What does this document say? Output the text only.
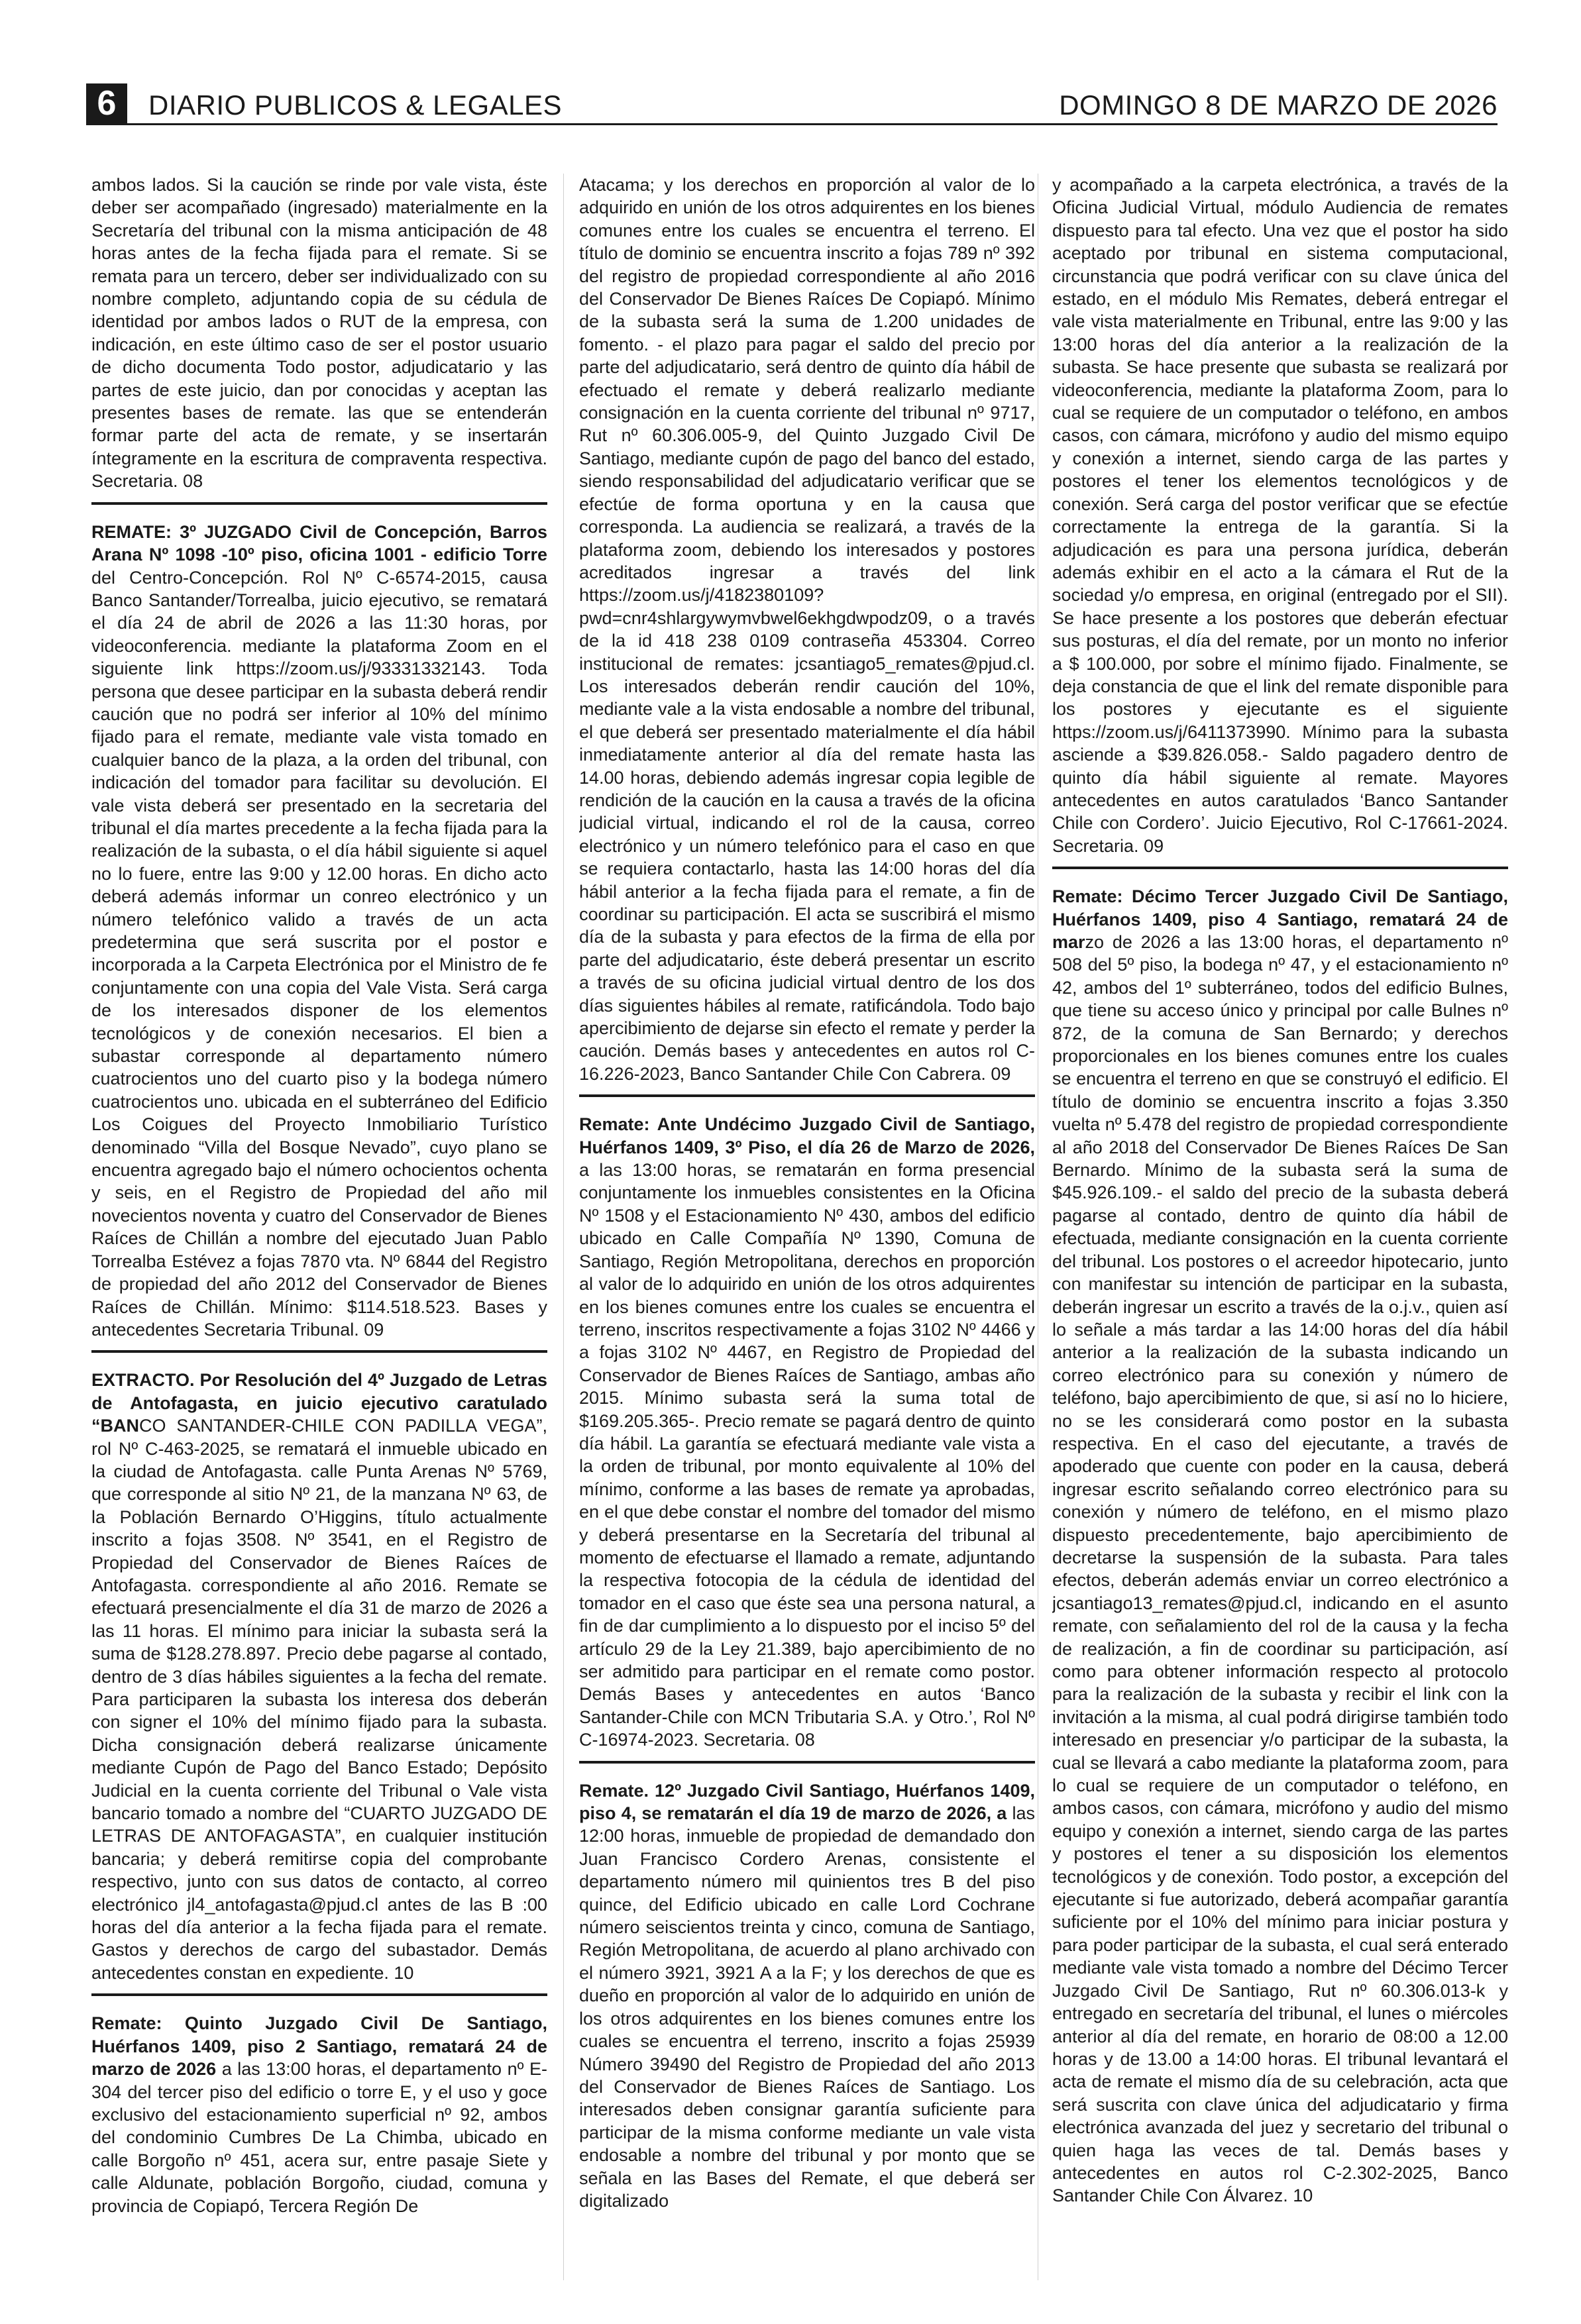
6	DIARIO PUBLICOS & LEGALES	DOMINGO 8 DE MARZO DE 2026

ambos lados. Si la caución se rinde por vale vista, éste deber ser acompañado (ingresado) materialmente en la Secretaría del tribunal con la misma anticipación de 48 horas antes de la fecha fijada para el remate. Si se remata para un tercero, deber ser individualizado con su nombre completo, adjuntando copia de su cédula de identidad por ambos lados o RUT de la empresa, con indicación, en este último caso de ser el postor usuario de dicho documenta Todo postor, adjudicatario y las partes de este juicio, dan por conocidas y aceptan las presentes bases de remate. las que se entenderán formar parte del acta de remate, y se insertarán íntegramente en la escritura de compraventa respectiva. Secretaria. 08

REMATE: 3º JUZGADO Civil de Concepción, Barros Arana Nº 1098 -10º piso, oficina 1001 - edificio Torre del Centro-Concepción. Rol Nº C-6574-2015, causa Banco Santander/Torrealba, juicio ejecutivo, se rematará el día 24 de abril de 2026 a las 11:30 horas, por videoconferencia. mediante la plataforma Zoom en el siguiente link https://zoom.us/j/93331332143. Toda persona que desee participar en la subasta deberá rendir caución que no podrá ser inferior al 10% del mínimo fijado para el remate, mediante vale vista tomado en cualquier banco de la plaza, a la orden del tribunal, con indicación del tomador para facilitar su devolución. El vale vista deberá ser presentado en la secretaria del tribunal el día martes precedente a la fecha fijada para la realización de la subasta, o el día hábil siguiente si aquel no lo fuere, entre las 9:00 y 12.00 horas. En dicho acto deberá además informar un conreo electrónico y un número telefónico valido a través de un acta predetermina que será suscrita por el postor e incorporada a la Carpeta Electrónica por el Ministro de fe conjuntamente con una copia del Vale Vista. Será carga de los interesados disponer de los elementos tecnológicos y de conexión necesarios. El bien a subastar corresponde al departamento número cuatrocientos uno del cuarto piso y la bodega número cuatrocientos uno. ubicada en el subterráneo del Edificio Los Coigues del Proyecto Inmobiliario Turístico denominado “Villa del Bosque Nevado”, cuyo plano se encuentra agregado bajo el número ochocientos ochenta y seis, en el Registro de Propiedad del año mil novecientos noventa y cuatro del Conservador de Bienes Raíces de Chillán a nombre del ejecutado Juan Pablo Torrealba Estévez a fojas 7870 vta. Nº 6844 del Registro de propiedad del año 2012 del Conservador de Bienes Raíces de Chillán. Mínimo: $114.518.523. Bases y antecedentes Secretaria Tribunal. 09

EXTRACTO. Por Resolución del 4º Juzgado de Letras de Antofagasta, en juicio ejecutivo caratulado “BANCO SANTANDER-CHILE CON PADILLA VEGA”, rol Nº C-463-2025, se rematará el inmueble ubicado en la ciudad de Antofagasta. calle Punta Arenas Nº 5769, que corresponde al sitio Nº 21, de la manzana Nº 63, de la Población Bernardo O’Higgins, título actualmente inscrito a fojas 3508. Nº 3541, en el Registro de Propiedad del Conservador de Bienes Raíces de Antofagasta. correspondiente al año 2016. Remate se efectuará presencialmente el día 31 de marzo de 2026 a las 11 horas. El mínimo para iniciar la subasta será la suma de $128.278.897. Precio debe pagarse al contado, dentro de 3 días hábiles siguientes a la fecha del remate. Para participaren la subasta los interesa dos deberán con signer el 10% del mínimo fijado para la subasta. Dicha consignación deberá realizarse únicamente mediante Cupón de Pago del Banco Estado; Depósito Judicial en la cuenta corriente del Tribunal o Vale vista bancario tomado a nombre del “CUARTO JUZGADO DE LETRAS DE ANTOFAGASTA”, en cualquier institución bancaria; y deberá remitirse copia del comprobante respectivo, junto con sus datos de contacto, al correo electrónico jl4_antofagasta@pjud.cl antes de las B :00 horas del día anterior a la fecha fijada para el remate. Gastos y derechos de cargo del subastador. Demás antecedentes constan en expediente. 10

Remate: Quinto Juzgado Civil De Santiago, Huérfanos 1409, piso 2 Santiago, rematará 24 de marzo de 2026 a las 13:00 horas, el departamento nº E-304 del tercer piso del edificio o torre E, y el uso y goce exclusivo del estacionamiento superficial nº 92, ambos del condominio Cumbres De La Chimba, ubicado en calle Borgoño nº 451, acera sur, entre pasaje Siete y calle Aldunate, población Borgoño, ciudad, comuna y provincia de Copiapó, Tercera Región De

Atacama; y los derechos en proporción al valor de lo adquirido en unión de los otros adquirentes en los bienes comunes entre los cuales se encuentra el terreno. El título de dominio se encuentra inscrito a fojas 789 nº 392 del registro de propiedad correspondiente al año 2016 del Conservador De Bienes Raíces De Copiapó. Mínimo de la subasta será la suma de 1.200 unidades de fomento. - el plazo para pagar el saldo del precio por parte del adjudicatario, será dentro de quinto día hábil de efectuado el remate y deberá realizarlo mediante consignación en la cuenta corriente del tribunal nº 9717, Rut nº 60.306.005-9, del Quinto Juzgado Civil De Santiago, mediante cupón de pago del banco del estado, siendo responsabilidad del adjudicatario verificar que se efectúe de forma oportuna y en la causa que corresponda. La audiencia se realizará, a través de la plataforma zoom, debiendo los interesados y postores acreditados ingresar a través del link https://zoom.us/j/4182380109?pwd=cnr4shlargywymvbwel6ekhgdwpodz09, o a través de la id 418 238 0109 contraseña 453304. Correo institucional de remates: jcsantiago5_remates@pjud.cl. Los interesados deberán rendir caución del 10%, mediante vale a la vista endosable a nombre del tribunal, el que deberá ser presentado materialmente el día hábil inmediatamente anterior al día del remate hasta las 14.00 horas, debiendo además ingresar copia legible de rendición de la caución en la causa a través de la oficina judicial virtual, indicando el rol de la causa, correo electrónico y un número telefónico para el caso en que se requiera contactarlo, hasta las 14:00 horas del día hábil anterior a la fecha fijada para el remate, a fin de coordinar su participación. El acta se suscribirá el mismo día de la subasta y para efectos de la firma de ella por parte del adjudicatario, éste deberá presentar un escrito a través de su oficina judicial virtual dentro de los dos días siguientes hábiles al remate, ratificándola. Todo bajo apercibimiento de dejarse sin efecto el remate y perder la caución. Demás bases y antecedentes en autos rol C-16.226-2023, Banco Santander Chile Con Cabrera. 09

Remate: Ante Undécimo Juzgado Civil de Santiago, Huérfanos 1409, 3º Piso, el día 26 de Marzo de 2026, a las 13:00 horas, se rematarán en forma presencial conjuntamente los inmuebles consistentes en la Oficina Nº 1508 y el Estacionamiento Nº 430, ambos del edificio ubicado en Calle Compañía Nº 1390, Comuna de Santiago, Región Metropolitana, derechos en proporción al valor de lo adquirido en unión de los otros adquirentes en los bienes comunes entre los cuales se encuentra el terreno, inscritos respectivamente a fojas 3102 Nº 4466 y a fojas 3102 Nº 4467, en Registro de Propiedad del Conservador de Bienes Raíces de Santiago, ambas año 2015. Mínimo subasta será la suma total de $169.205.365-. Precio remate se pagará dentro de quinto día hábil. La garantía se efectuará mediante vale vista a la orden de tribunal, por monto equivalente al 10% del mínimo, conforme a las bases de remate ya aprobadas, en el que debe constar el nombre del tomador del mismo y deberá presentarse en la Secretaría del tribunal al momento de efectuarse el llamado a remate, adjuntando la respectiva fotocopia de la cédula de identidad del tomador en el caso que éste sea una persona natural, a fin de dar cumplimiento a lo dispuesto por el inciso 5º del artículo 29 de la Ley 21.389, bajo apercibimiento de no ser admitido para participar en el remate como postor. Demás Bases y antecedentes en autos ‘Banco Santander-Chile con MCN Tributaria S.A. y Otro.’, Rol Nº C-16974-2023. Secretaria. 08

Remate. 12º Juzgado Civil Santiago, Huérfanos 1409, piso 4, se rematarán el día 19 de marzo de 2026, a las 12:00 horas, inmueble de propiedad de demandado don Juan Francisco Cordero Arenas, consistente el departamento número mil quinientos tres B del piso quince, del Edificio ubicado en calle Lord Cochrane número seiscientos treinta y cinco, comuna de Santiago, Región Metropolitana, de acuerdo al plano archivado con el número 3921, 3921 A a la F; y los derechos de que es dueño en proporción al valor de lo adquirido en unión de los otros adquirentes en los bienes comunes entre los cuales se encuentra el terreno, inscrito a fojas 25939 Número 39490 del Registro de Propiedad del año 2013 del Conservador de Bienes Raíces de Santiago. Los interesados deben consignar garantía suficiente para participar de la misma conforme mediante un vale vista endosable a nombre del tribunal y por monto que se señala en las Bases del Remate, el que deberá ser digitalizado

y acompañado a la carpeta electrónica, a través de la Oficina Judicial Virtual, módulo Audiencia de remates dispuesto para tal efecto. Una vez que el postor ha sido aceptado por tribunal en sistema computacional, circunstancia que podrá verificar con su clave única del estado, en el módulo Mis Remates, deberá entregar el vale vista materialmente en Tribunal, entre las 9:00 y las 13:00 horas del día anterior a la realización de la subasta. Se hace presente que subasta se realizará por videoconferencia, mediante la plataforma Zoom, para lo cual se requiere de un computador o teléfono, en ambos casos, con cámara, micrófono y audio del mismo equipo y conexión a internet, siendo carga de las partes y postores el tener los elementos tecnológicos y de conexión. Será carga del postor verificar que se efectúe correctamente la entrega de la garantía. Si la adjudicación es para una persona jurídica, deberán además exhibir en el acto a la cámara el Rut de la sociedad y/o empresa, en original (entregado por el SII). Se hace presente a los postores que deberán efectuar sus posturas, el día del remate, por un monto no inferior a $ 100.000, por sobre el mínimo fijado. Finalmente, se deja constancia de que el link del remate disponible para los postores y ejecutante es el siguiente https://zoom.us/j/6411373990. Mínimo para la subasta asciende a $39.826.058.- Saldo pagadero dentro de quinto día hábil siguiente al remate. Mayores antecedentes en autos caratulados ‘Banco Santander Chile con Cordero’. Juicio Ejecutivo, Rol C-17661-2024. Secretaria. 09

Remate: Décimo Tercer Juzgado Civil De Santiago, Huérfanos 1409, piso 4 Santiago, rematará 24 de marzo de 2026 a las 13:00 horas, el departamento nº 508 del 5º piso, la bodega nº 47, y el estacionamiento nº 42, ambos del 1º subterráneo, todos del edificio Bulnes, que tiene su acceso único y principal por calle Bulnes nº 872, de la comuna de San Bernardo; y derechos proporcionales en los bienes comunes entre los cuales se encuentra el terreno en que se construyó el edificio. El título de dominio se encuentra inscrito a fojas 3.350 vuelta nº 5.478 del registro de propiedad correspondiente al año 2018 del Conservador De Bienes Raíces De San Bernardo. Mínimo de la subasta será la suma de $45.926.109.- el saldo del precio de la subasta deberá pagarse al contado, dentro de quinto día hábil de efectuada, mediante consignación en la cuenta corriente del tribunal. Los postores o el acreedor hipotecario, junto con manifestar su intención de participar en la subasta, deberán ingresar un escrito a través de la o.j.v., quien así lo señale a más tardar a las 14:00 horas del día hábil anterior a la realización de la subasta indicando un correo electrónico para su conexión y número de teléfono, bajo apercibimiento de que, si así no lo hiciere, no se les considerará como postor en la subasta respectiva. En el caso del ejecutante, a través de apoderado que cuente con poder en la causa, deberá ingresar escrito señalando correo electrónico para su conexión y número de teléfono, en el mismo plazo dispuesto precedentemente, bajo apercibimiento de decretarse la suspensión de la subasta. Para tales efectos, deberán además enviar un correo electrónico a jcsantiago13_remates@pjud.cl, indicando en el asunto remate, con señalamiento del rol de la causa y la fecha de realización, a fin de coordinar su participación, así como para obtener información respecto al protocolo para la realización de la subasta y recibir el link con la invitación a la misma, al cual podrá dirigirse también todo interesado en presenciar y/o participar de la subasta, la cual se llevará a cabo mediante la plataforma zoom, para lo cual se requiere de un computador o teléfono, en ambos casos, con cámara, micrófono y audio del mismo equipo y conexión a internet, siendo carga de las partes y postores el tener a su disposición los elementos tecnológicos y de conexión. Todo postor, a excepción del ejecutante si fue autorizado, deberá acompañar garantía suficiente por el 10% del mínimo para iniciar postura y para poder participar de la subasta, el cual será enterado mediante vale vista tomado a nombre del Décimo Tercer Juzgado Civil De Santiago, Rut nº 60.306.013-k y entregado en secretaría del tribunal, el lunes o miércoles anterior al día del remate, en horario de 08:00 a 12.00 horas y de 13.00 a 14:00 horas. El tribunal levantará el acta de remate el mismo día de su celebración, acta que será suscrita con clave única del adjudicatario y firma electrónica avanzada del juez y secretario del tribunal o quien haga las veces de tal. Demás bases y antecedentes en autos rol C-2.302-2025, Banco Santander Chile Con Álvarez. 10
